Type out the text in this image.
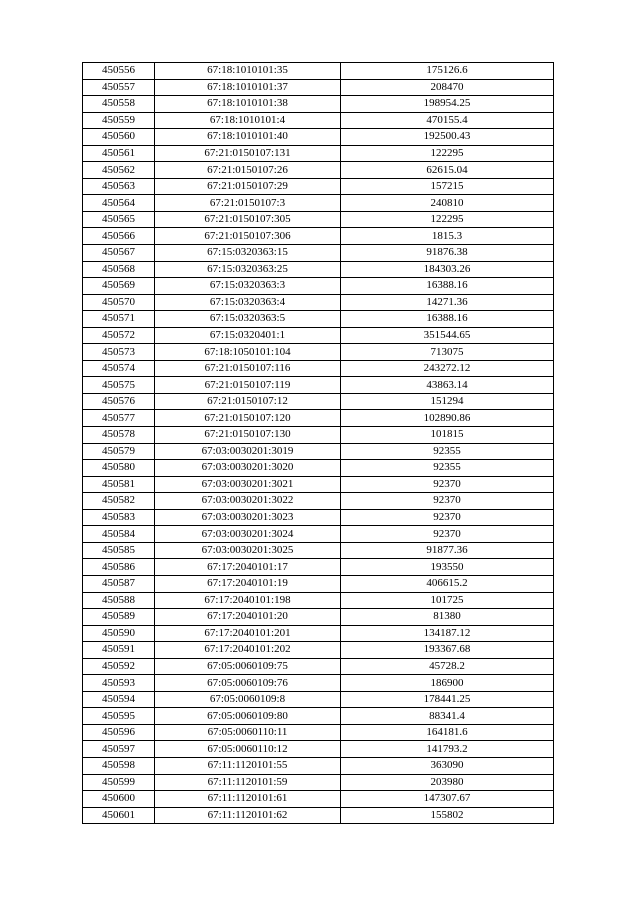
450556	67:18:1010101:35	175126.6
450557	67:18:1010101:37	208470
450558	67:18:1010101:38	198954.25
450559	67:18:1010101:4	470155.4
450560	67:18:1010101:40	192500.43
450561	67:21:0150107:131	122295
450562	67:21:0150107:26	62615.04
450563	67:21:0150107:29	157215
450564	67:21:0150107:3	240810
450565	67:21:0150107:305	122295
450566	67:21:0150107:306	1815.3
450567	67:15:0320363:15	91876.38
450568	67:15:0320363:25	184303.26
450569	67:15:0320363:3	16388.16
450570	67:15:0320363:4	14271.36
450571	67:15:0320363:5	16388.16
450572	67:15:0320401:1	351544.65
450573	67:18:1050101:104	713075
450574	67:21:0150107:116	243272.12
450575	67:21:0150107:119	43863.14
450576	67:21:0150107:12	151294
450577	67:21:0150107:120	102890.86
450578	67:21:0150107:130	101815
450579	67:03:0030201:3019	92355
450580	67:03:0030201:3020	92355
450581	67:03:0030201:3021	92370
450582	67:03:0030201:3022	92370
450583	67:03:0030201:3023	92370
450584	67:03:0030201:3024	92370
450585	67:03:0030201:3025	91877.36
450586	67:17:2040101:17	193550
450587	67:17:2040101:19	406615.2
450588	67:17:2040101:198	101725
450589	67:17:2040101:20	81380
450590	67:17:2040101:201	134187.12
450591	67:17:2040101:202	193367.68
450592	67:05:0060109:75	45728.2
450593	67:05:0060109:76	186900
450594	67:05:0060109:8	178441.25
450595	67:05:0060109:80	88341.4
450596	67:05:0060110:11	164181.6
450597	67:05:0060110:12	141793.2
450598	67:11:1120101:55	363090
450599	67:11:1120101:59	203980
450600	67:11:1120101:61	147307.67
450601	67:11:1120101:62	155802
